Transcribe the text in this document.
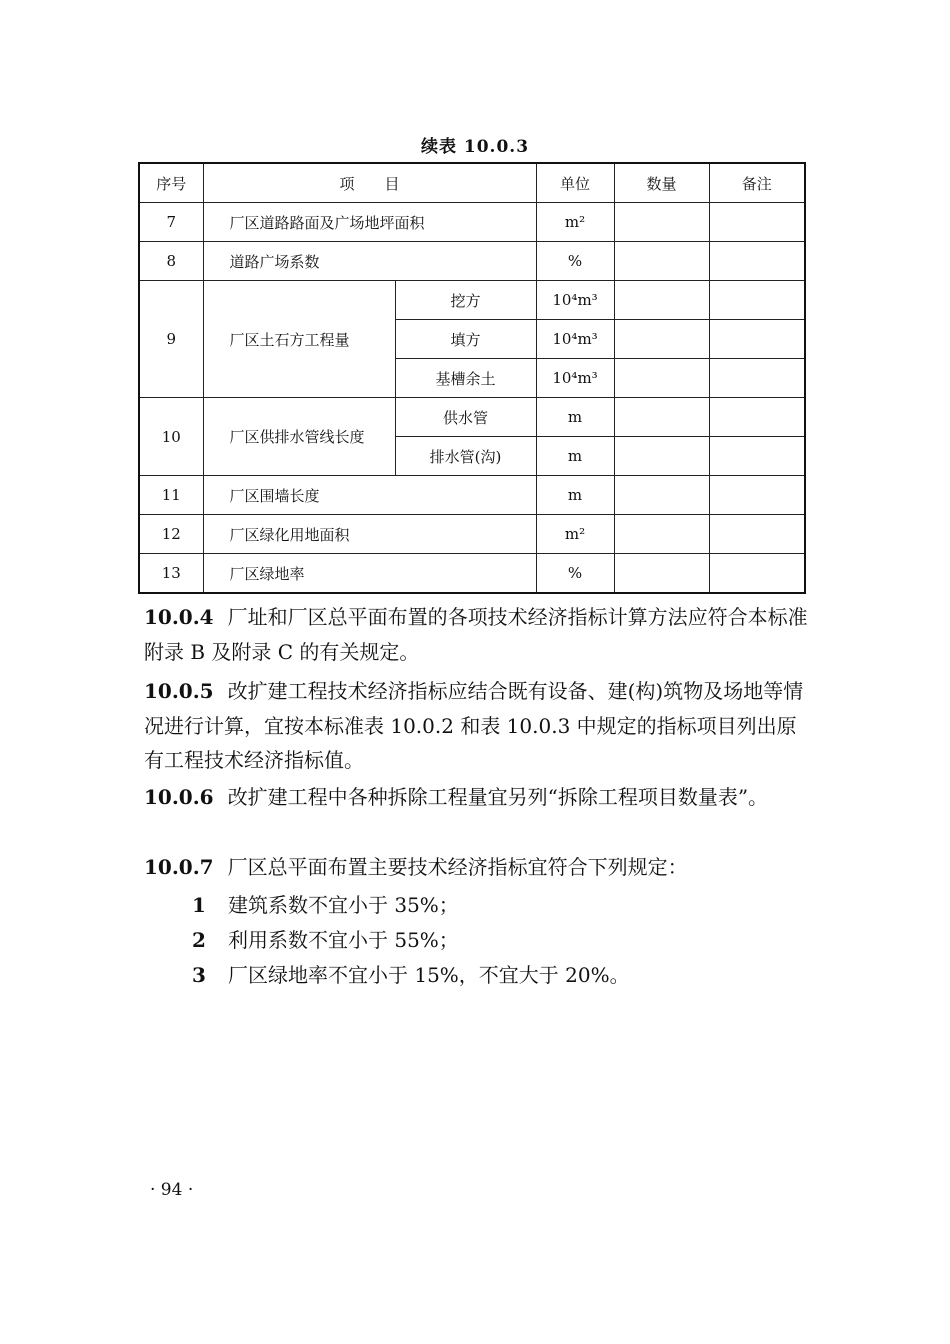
续表 10.0.3
序号	项　　目		单位	数量	备注
7	厂区道路路面及广场地坪面积		m²		
8	道路广场系数		%		
9	厂区土石方工程量	挖方	10⁴m³		
		填方	10⁴m³		
		基槽余土	10⁴m³		
10	厂区供排水管线长度	供水管	m		
		排水管(沟)	m		
11	厂区围墙长度		m		
12	厂区绿化用地面积		m²		
13	厂区绿地率		%		
10.0.4 厂址和厂区总平面布置的各项技术经济指标计算方法应符合本标准附录 B 及附录 C 的有关规定。
10.0.5 改扩建工程技术经济指标应结合既有设备、建(构)筑物及场地等情况进行计算，宜按本标准表 10.0.2 和表 10.0.3 中规定的指标项目列出原有工程技术经济指标值。
10.0.6 改扩建工程中各种拆除工程量宜另列“拆除工程项目数量表”。
10.0.7 厂区总平面布置主要技术经济指标宜符合下列规定：
1 建筑系数不宜小于 35%；
2 利用系数不宜小于 55%；
3 厂区绿地率不宜小于 15%，不宜大于 20%。
· 94 ·
